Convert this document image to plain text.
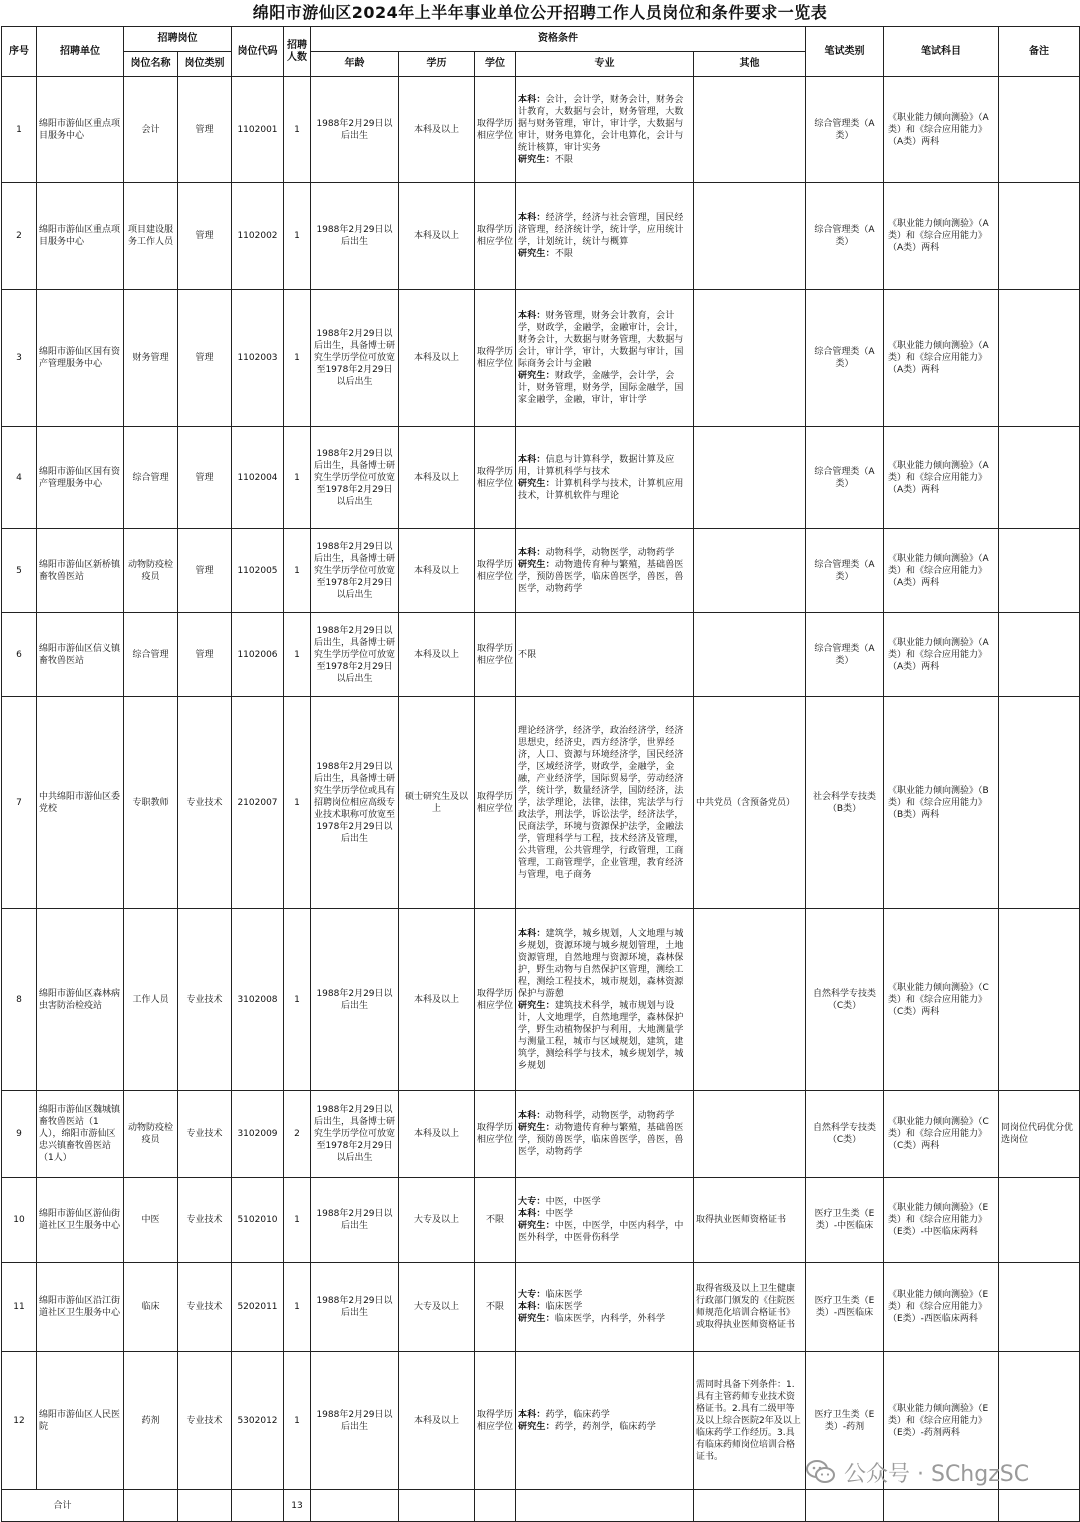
绵阳市游仙区2024年上半年事业单位公开招聘工作人员岗位和条件要求一览表
序号	招聘单位	招聘岗位		岗位代码	招聘人数	资格条件					笔试类别	笔试科目	备注
		岗位名称	岗位类别			年龄	学历	学位	专业	其他			
1	绵阳市游仙区重点项目服务中心	会计	管理	1102001	1	1988年2月29日以后出生	本科及以上	取得学历相应学位	本科：会计，会计学，财务会计，财务会计教育，大数据与会计，财务管理，大数据与财务管理，审计，审计学，大数据与审计，财务电算化，会计电算化，会计与统计核算，审计实务
研究生：不限		综合管理类（A类）	《职业能力倾向测验》（A类）和《综合应用能力》（A类）两科	
2	绵阳市游仙区重点项目服务中心	项目建设服务工作人员	管理	1102002	1	1988年2月29日以后出生	本科及以上	取得学历相应学位	本科：经济学，经济与社会管理，国民经济管理，经济统计学，统计学，应用统计学，计划统计，统计与概算
研究生：不限		综合管理类（A类）	《职业能力倾向测验》（A类）和《综合应用能力》（A类）两科	
3	绵阳市游仙区国有资产管理服务中心	财务管理	管理	1102003	1	1988年2月29日以后出生，具备博士研究生学历学位可放宽至1978年2月29日以后出生	本科及以上	取得学历相应学位	本科：财务管理，财务会计教育，会计学，财政学，金融学，金融审计，会计，财务会计，大数据与财务管理，大数据与会计，审计学，审计，大数据与审计，国际商务会计与金融
研究生：财政学，金融学，会计学，会计，财务管理，财务学，国际金融学，国家金融学，金融，审计，审计学		综合管理类（A类）	《职业能力倾向测验》（A类）和《综合应用能力》（A类）两科	
4	绵阳市游仙区国有资产管理服务中心	综合管理	管理	1102004	1	1988年2月29日以后出生，具备博士研究生学历学位可放宽至1978年2月29日以后出生	本科及以上	取得学历相应学位	本科：信息与计算科学，数据计算及应用，计算机科学与技术
研究生：计算机科学与技术，计算机应用技术，计算机软件与理论		综合管理类（A类）	《职业能力倾向测验》（A类）和《综合应用能力》（A类）两科	
5	绵阳市游仙区新桥镇畜牧兽医站	动物防疫检疫员	管理	1102005	1	1988年2月29日以后出生，具备博士研究生学历学位可放宽至1978年2月29日以后出生	本科及以上	取得学历相应学位	本科：动物科学，动物医学，动物药学
研究生：动物遗传育种与繁殖，基础兽医学，预防兽医学，临床兽医学，兽医，兽医学，动物药学		综合管理类（A类）	《职业能力倾向测验》（A类）和《综合应用能力》（A类）两科	
6	绵阳市游仙区信义镇畜牧兽医站	综合管理	管理	1102006	1	1988年2月29日以后出生，具备博士研究生学历学位可放宽至1978年2月29日以后出生	本科及以上	取得学历相应学位	不限		综合管理类（A类）	《职业能力倾向测验》（A类）和《综合应用能力》（A类）两科	
7	中共绵阳市游仙区委党校	专职教师	专业技术	2102007	1	1988年2月29日以后出生，具备博士研究生学历学位或具有招聘岗位相应高级专业技术职称可放宽至1978年2月29日以后出生	硕士研究生及以上	取得学历相应学位	理论经济学，经济学，政治经济学，经济思想史，经济史，西方经济学，世界经济，人口、资源与环境经济学，国民经济学，区域经济学，财政学，金融学，金融，产业经济学，国际贸易学，劳动经济学，统计学，数量经济学，国防经济，法学，法学理论，法律，法律，宪法学与行政法学，刑法学，诉讼法学，经济法学，民商法学，环境与资源保护法学，金融法学，管理科学与工程，技术经济及管理，公共管理，公共管理学，行政管理，工商管理，工商管理学，企业管理，教育经济与管理，电子商务	中共党员（含预备党员）	社会科学专技类（B类）	《职业能力倾向测验》（B类）和《综合应用能力》（B类）两科	
8	绵阳市游仙区森林病虫害防治检疫站	工作人员	专业技术	3102008	1	1988年2月29日以后出生	本科及以上	取得学历相应学位	本科：建筑学，城乡规划，人文地理与城乡规划，资源环境与城乡规划管理，土地资源管理，自然地理与资源环境，森林保护，野生动物与自然保护区管理，测绘工程，测绘工程技术，城市规划，森林资源保护与游憩
研究生：建筑技术科学，城市规划与设计，人文地理学，自然地理学，森林保护学，野生动植物保护与利用，大地测量学与测量工程，城市与区域规划，建筑，建筑学，测绘科学与技术，城乡规划学，城乡规划		自然科学专技类（C类）	《职业能力倾向测验》（C类）和《综合应用能力》（C类）两科	
9	绵阳市游仙区魏城镇畜牧兽医站（1人），绵阳市游仙区忠兴镇畜牧兽医站（1人）	动物防疫检疫员	专业技术	3102009	2	1988年2月29日以后出生，具备博士研究生学历学位可放宽至1978年2月29日以后出生	本科及以上	取得学历相应学位	本科：动物科学，动物医学，动物药学
研究生：动物遗传育种与繁殖，基础兽医学，预防兽医学，临床兽医学，兽医，兽医学，动物药学		自然科学专技类（C类）	《职业能力倾向测验》（C类）和《综合应用能力》（C类）两科	同岗位代码优分优选岗位
10	绵阳市游仙区游仙街道社区卫生服务中心	中医	专业技术	5102010	1	1988年2月29日以后出生	大专及以上	不限	大专：中医，中医学
本科：中医学
研究生：中医，中医学，中医内科学，中医外科学，中医骨伤科学	取得执业医师资格证书	医疗卫生类（E类）-中医临床	《职业能力倾向测验》（E类）和《综合应用能力》（E类）-中医临床两科	
11	绵阳市游仙区沿江街道社区卫生服务中心	临床	专业技术	5202011	1	1988年2月29日以后出生	大专及以上	不限	大专：临床医学
本科：临床医学
研究生：临床医学，内科学，外科学	取得省级及以上卫生健康行政部门颁发的《住院医师规范化培训合格证书》或取得执业医师资格证书	医疗卫生类（E类）-西医临床	《职业能力倾向测验》（E类）和《综合应用能力》（E类）-西医临床两科	
12	绵阳市游仙区人民医院	药剂	专业技术	5302012	1	1988年2月29日以后出生	本科及以上	取得学历相应学位	本科：药学，临床药学
研究生：药学，药剂学，临床药学	需同时具备下列条件：1.具有主管药师专业技术资格证书。2.具有二级甲等及以上综合医院2年及以上临床药学工作经历。3.具有临床药师岗位培训合格证书。	医疗卫生类（E类）-药剂	《职业能力倾向测验》（E类）和《综合应用能力》（E类）-药剂两科	
合计					13								
公众号 · SChgzSC
